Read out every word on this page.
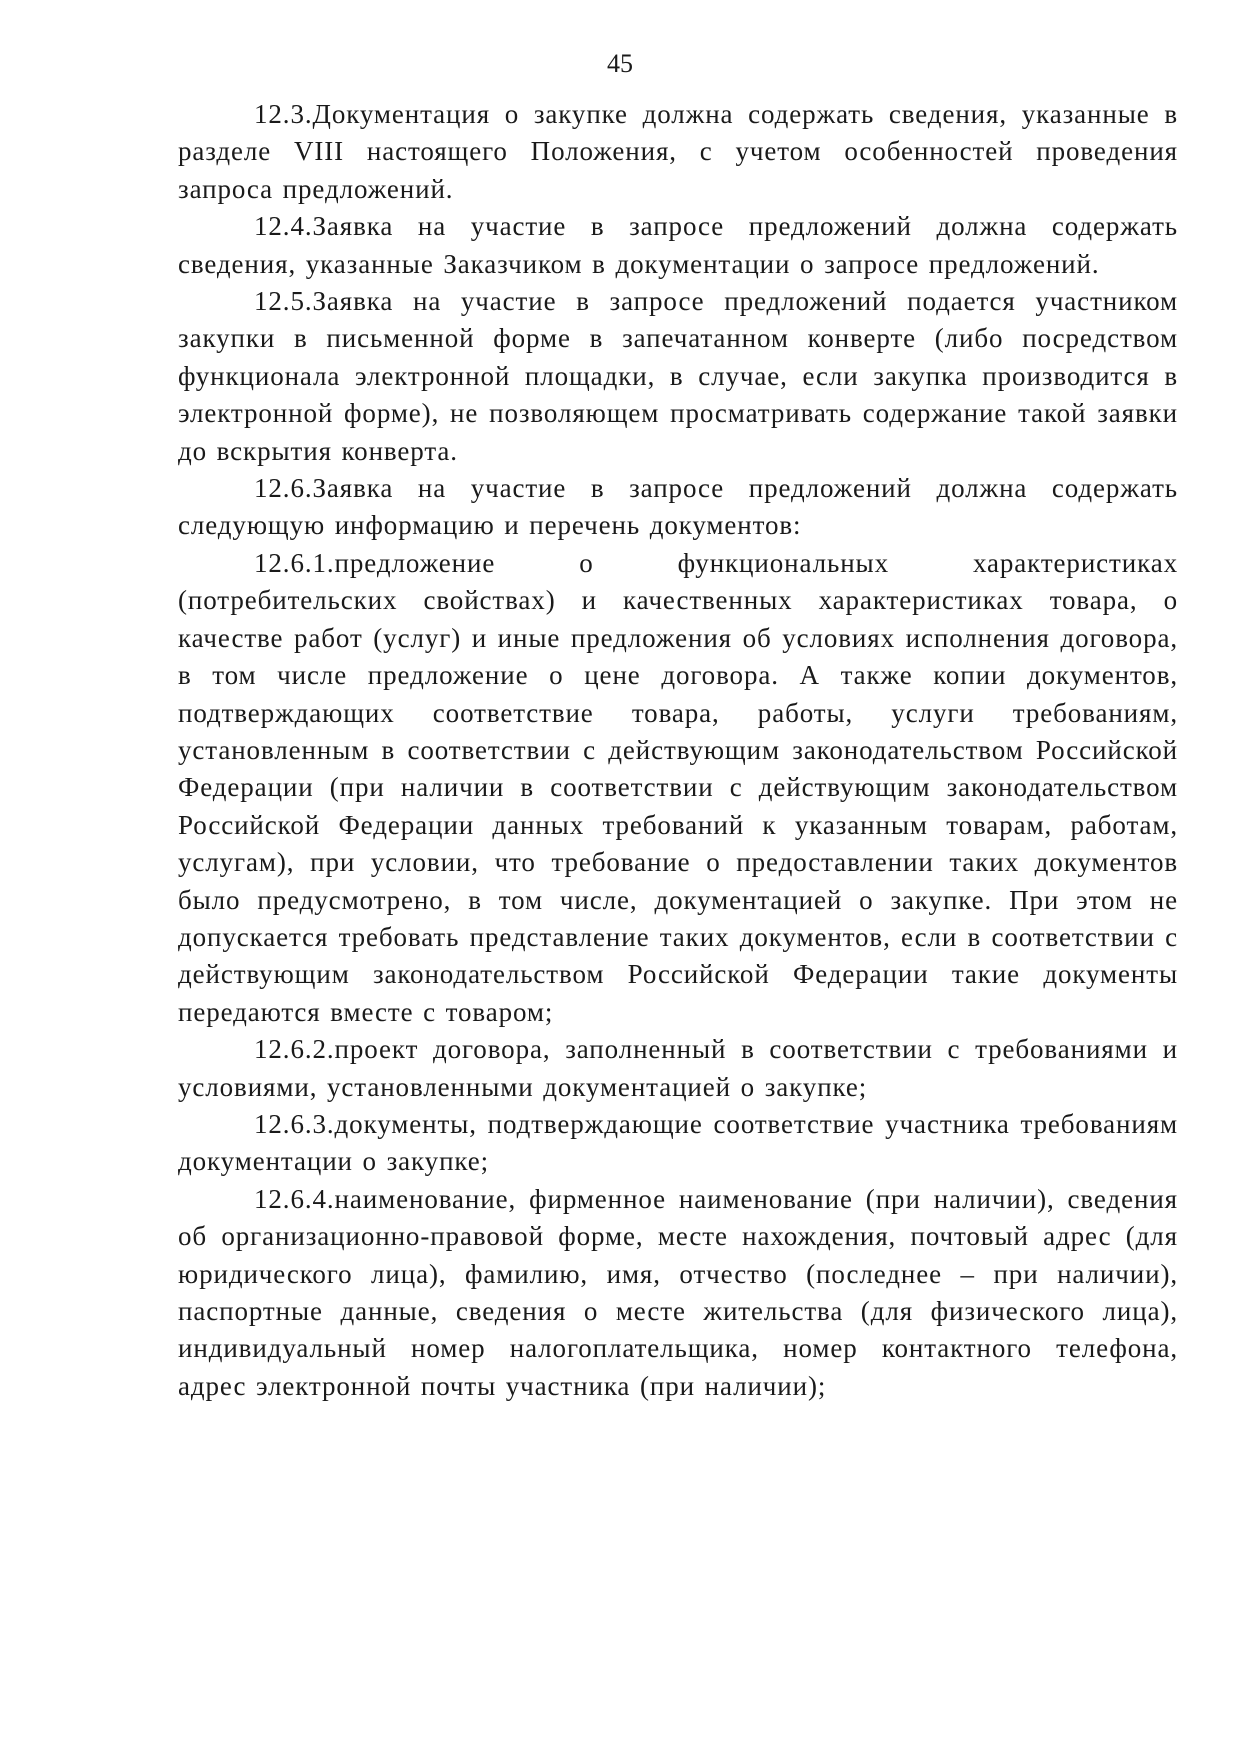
45

12.3.Документация о закупке должна содержать сведения, указанные в разделе VIII настоящего Положения, с учетом особенностей проведения запроса предложений.

12.4.Заявка на участие в запросе предложений должна содержать сведения, указанные Заказчиком в документации о запросе предложений.

12.5.Заявка на участие в запросе предложений подается участником закупки в письменной форме в запечатанном конверте (либо посредством функционала электронной площадки, в случае, если закупка производится в электронной форме), не позволяющем просматривать содержание такой заявки до вскрытия конверта.

12.6.Заявка на участие в запросе предложений должна содержать следующую информацию и перечень документов:

12.6.1.предложение о функциональных характеристиках (потребительских свойствах) и качественных характеристиках товара, о качестве работ (услуг) и иные предложения об условиях исполнения договора, в том числе предложение о цене договора. А также копии документов, подтверждающих соответствие товара, работы, услуги требованиям, установленным в соответствии с действующим законодательством Российской Федерации (при наличии в соответствии с действующим законодательством Российской Федерации данных требований к указанным товарам, работам, услугам), при условии, что требование о предоставлении таких документов было предусмотрено, в том числе, документацией о закупке. При этом не допускается требовать представление таких документов, если в соответствии с действующим законодательством Российской Федерации такие документы передаются вместе с товаром;

12.6.2.проект договора, заполненный в соответствии с требованиями и условиями, установленными документацией о закупке;

12.6.3.документы, подтверждающие соответствие участника требованиям документации о закупке;

12.6.4.наименование, фирменное наименование (при наличии), сведения об организационно-правовой форме, месте нахождения, почтовый адрес (для юридического лица), фамилию, имя, отчество (последнее – при наличии), паспортные данные, сведения о месте жительства (для физического лица), индивидуальный номер налогоплательщика, номер контактного телефона, адрес электронной почты участника (при наличии);
